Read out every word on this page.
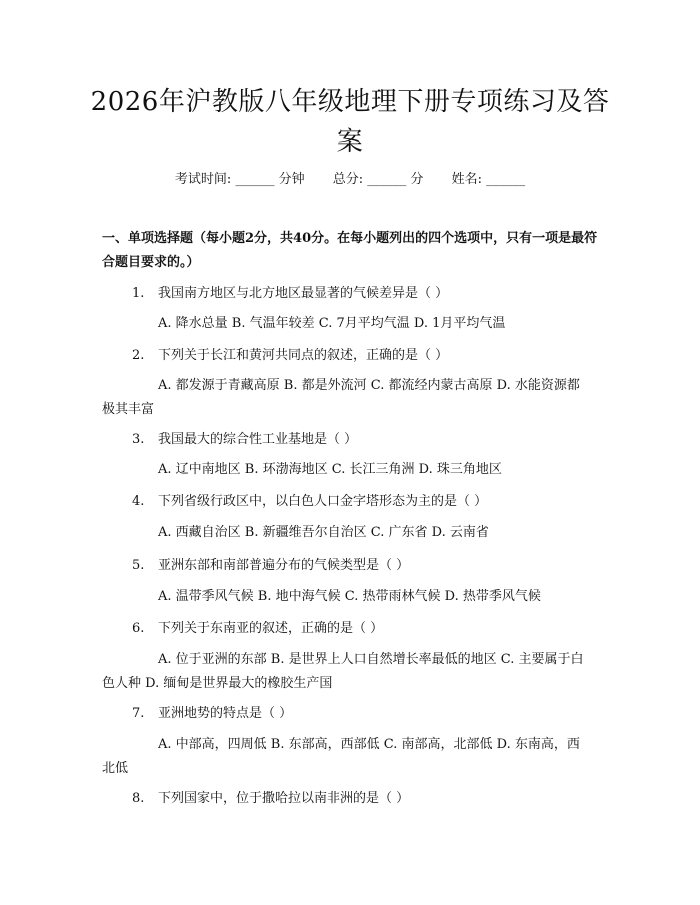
2026年沪教版八年级地理下册专项练习及答案
考试时间: ______ 分钟 总分: ______ 分 姓名: ______
一、单项选择题（每小题2分，共40分。在每小题列出的四个选项中，只有一项是最符合题目要求的。）
1. 我国南方地区与北方地区最显著的气候差异是（ ）
A. 降水总量 B. 气温年较差 C. 7月平均气温 D. 1月平均气温
2. 下列关于长江和黄河共同点的叙述，正确的是（ ）
A. 都发源于青藏高原 B. 都是外流河 C. 都流经内蒙古高原 D. 水能资源都极其丰富
3. 我国最大的综合性工业基地是（ ）
A. 辽中南地区 B. 环渤海地区 C. 长江三角洲 D. 珠三角地区
4. 下列省级行政区中，以白色人口金字塔形态为主的是（ ）
A. 西藏自治区 B. 新疆维吾尔自治区 C. 广东省 D. 云南省
5. 亚洲东部和南部普遍分布的气候类型是（ ）
A. 温带季风气候 B. 地中海气候 C. 热带雨林气候 D. 热带季风气候
6. 下列关于东南亚的叙述，正确的是（ ）
A. 位于亚洲的东部 B. 是世界上人口自然增长率最低的地区 C. 主要属于白色人种 D. 缅甸是世界最大的橡胶生产国
7. 亚洲地势的特点是（ ）
A. 中部高，四周低 B. 东部高，西部低 C. 南部高，北部低 D. 东南高，西北低
8. 下列国家中，位于撒哈拉以南非洲的是（ ）
